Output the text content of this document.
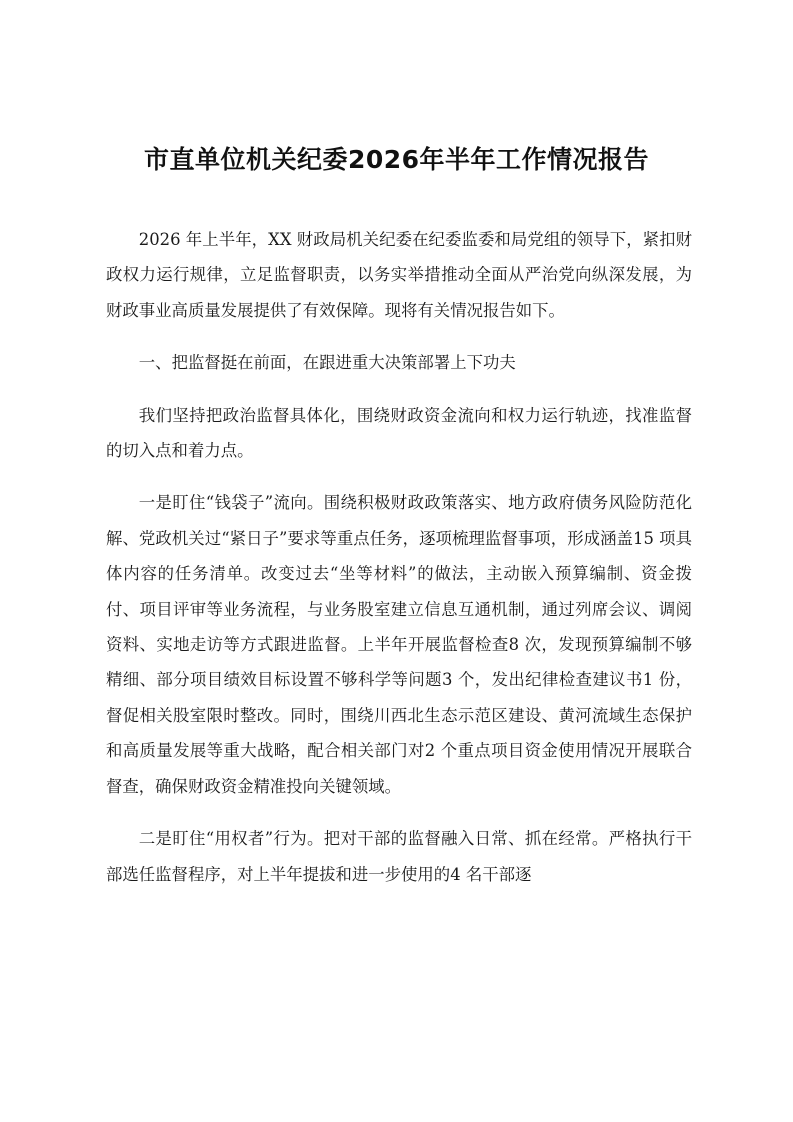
市直单位机关纪委2026年半年工作情况报告

2026 年上半年，XX 财政局机关纪委在纪委监委和局党组的领导下，紧扣财政权力运行规律，立足监督职责，以务实举措推动全面从严治党向纵深发展，为财政事业高质量发展提供了有效保障。现将有关情况报告如下。

一、把监督挺在前面，在跟进重大决策部署上下功夫

我们坚持把政治监督具体化，围绕财政资金流向和权力运行轨迹，找准监督的切入点和着力点。

一是盯住“钱袋子”流向。围绕积极财政政策落实、地方政府债务风险防范化解、党政机关过“紧日子”要求等重点任务，逐项梳理监督事项，形成涵盖15 项具体内容的任务清单。改变过去“坐等材料”的做法，主动嵌入预算编制、资金拨付、项目评审等业务流程，与业务股室建立信息互通机制，通过列席会议、调阅资料、实地走访等方式跟进监督。上半年开展监督检查8 次，发现预算编制不够精细、部分项目绩效目标设置不够科学等问题3 个，发出纪律检查建议书1 份，督促相关股室限时整改。同时，围绕川西北生态示范区建设、黄河流域生态保护和高质量发展等重大战略，配合相关部门对2 个重点项目资金使用情况开展联合督查，确保财政资金精准投向关键领域。

二是盯住“用权者”行为。把对干部的监督融入日常、抓在经常。严格执行干部选任监督程序，对上半年提拔和进一步使用的4 名干部逐
